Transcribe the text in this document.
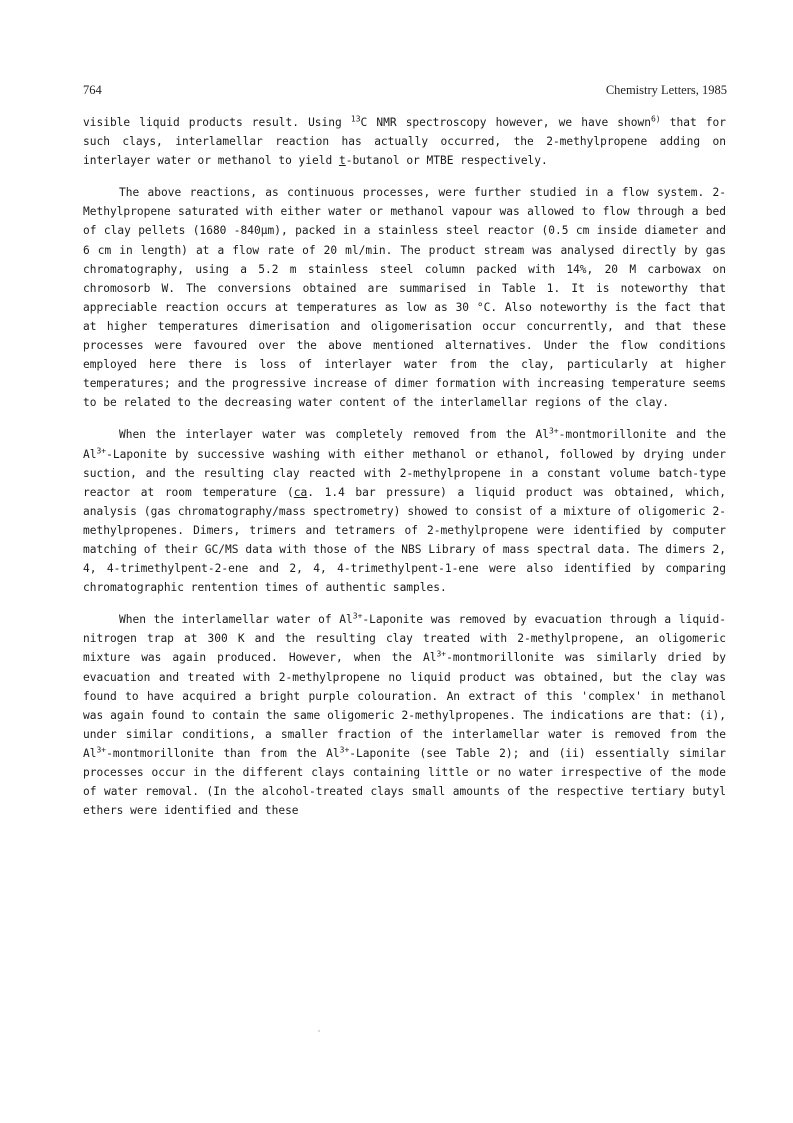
764	Chemistry Letters, 1985

visible liquid products result. Using $^{13}$C NMR spectroscopy however, we have shown$^{6)}$ that for such clays, interlamellar reaction has actually occurred, the 2-methylpropene adding on interlayer water or methanol to yield t-butanol or MTBE respectively.

The above reactions, as continuous processes, were further studied in a flow system. 2-Methylpropene saturated with either water or methanol vapour was allowed to flow through a bed of clay pellets (1680 -840µm), packed in a stainless steel reactor (0.5 cm inside diameter and 6 cm in length) at a flow rate of 20 ml/min. The product stream was analysed directly by gas chromatography, using a 5.2 m stainless steel column packed with 14%, 20 M carbowax on chromosorb W. The conversions obtained are summarised in Table 1. It is noteworthy that appreciable reaction occurs at temperatures as low as 30 °C. Also noteworthy is the fact that at higher temperatures dimerisation and oligomerisation occur concurrently, and that these processes were favoured over the above mentioned alternatives. Under the flow conditions employed here there is loss of interlayer water from the clay, particularly at higher temperatures; and the progressive increase of dimer formation with increasing temperature seems to be related to the decreasing water content of the interlamellar regions of the clay.

When the interlayer water was completely removed from the $Al^{3+}$-montmorillonite and the $Al^{3+}$-Laponite by successive washing with either methanol or ethanol, followed by drying under suction, and the resulting clay reacted with 2-methylpropene in a constant volume batch-type reactor at room temperature (ca. 1.4 bar pressure) a liquid product was obtained, which, analysis (gas chromatography/mass spectrometry) showed to consist of a mixture of oligomeric 2-methylpropenes. Dimers, trimers and tetramers of 2-methylpropene were identified by computer matching of their GC/MS data with those of the NBS Library of mass spectral data. The dimers 2, 4, 4-trimethylpent-2-ene and 2, 4, 4-trimethylpent-1-ene were also identified by comparing chromatographic rentention times of authentic samples.

When the interlamellar water of $Al^{3+}$-Laponite was removed by evacuation through a liquid-nitrogen trap at 300 K and the resulting clay treated with 2-methylpropene, an oligomeric mixture was again produced. However, when the $Al^{3+}$-montmorillonite was similarly dried by evacuation and treated with 2-methylpropene no liquid product was obtained, but the clay was found to have acquired a bright purple colouration. An extract of this 'complex' in methanol was again found to contain the same oligomeric 2-methylpropenes. The indications are that: (i), under similar conditions, a smaller fraction of the interlamellar water is removed from the $Al^{3+}$-montmorillonite than from the $Al^{3+}$-Laponite (see Table 2); and (ii) essentially similar processes occur in the different clays containing little or no water irrespective of the mode of water removal. (In the alcohol-treated clays small amounts of the respective tertiary butyl ethers were identified and these
